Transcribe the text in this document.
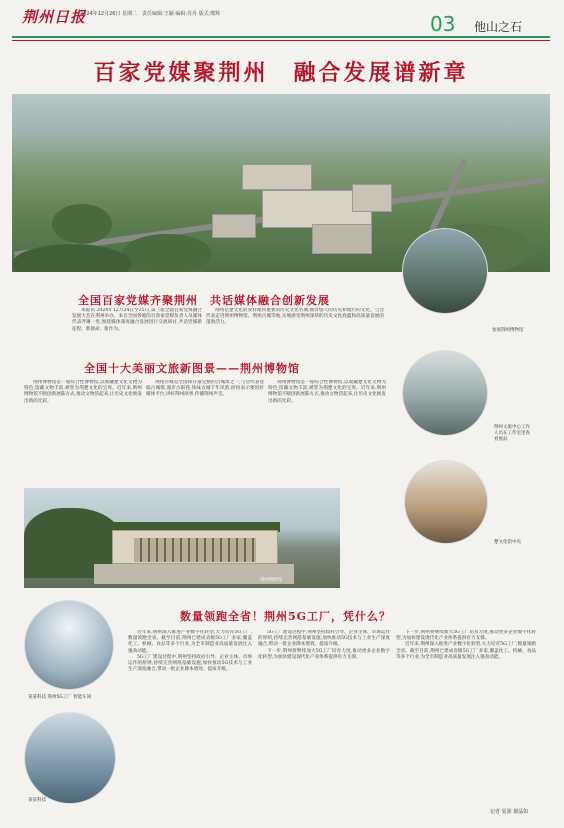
荆州日报
2024年12月26日 星期二　责任编辑:王颖 编辑:肖丹 版式:熊辉	03 他山之石
百家党媒聚荆州　融合发展谱新章
全国百家党媒齐聚荆州　共话媒体融合创新发展

本报讯 2024年12月24日至25日,第三届全国百家党媒融合发展大会在荆州举办。来自全国各地的百余家党媒负责人及媒体代表齐聚一堂,围绕媒体深度融合发展进行交流研讨,共话党媒新征程、新使命、新作为。

荆州是楚文化的发祥地和重要的历史文化名城,拥有悠久的历史和灿烂的文化。与会代表走进荆州博物馆、荆州古城等地,实地感受荆州深厚的历史文化底蕴和高质量发展的蓬勃活力。

参观荆州博物馆
全国十大美丽文旅新图景——荆州博物馆

荆州博物馆是一座综合性博物馆,以收藏楚文化文物为特色,馆藏文物丰富,被誉为荆楚文化的宝库。近年来,荆州博物馆不断创新展陈方式,推动文物活起来,让历史文化焕发出新的光彩。

荆州古城是全国保存最完整的古城垣之一,与会代表登临古城墙,漫步古街巷,体味古城千年风韵,纷纷表示要用好媒体平台,讲好荆州故事,传播荆州声音。

荆州博物馆是一座综合性博物馆,以收藏楚文化文物为特色,馆藏文物丰富,被誉为荆楚文化的宝库。近年来,荆州博物馆不断创新展陈方式,推动文物活起来,让历史文化焕发出新的光彩。

荆州文旅中心工作人员在工作室里查看展品
荆州博物馆
楚文化馆中央
数量领跑全省！荆州5G工厂，凭什么？
某某科技 荆州5G工厂 智能车间
某某科技

近年来,荆州深入推进产业数字化转型,大力培育5G工厂,数量领跑全省。截至目前,荆州已建成省级5G工厂多家,覆盖化工、机械、食品等多个行业,为全市制造业高质量发展注入强劲动能。

5G工厂建设过程中,荆州坚持政府引导、企业主体、市场运作的原则,持续完善网络基础设施,加快推动5G技术与工业生产深度融合,带动一批企业降本增效、提质升级。

5G工厂建设过程中,荆州坚持政府引导、企业主体、市场运作的原则,持续完善网络基础设施,加快推动5G技术与工业生产深度融合,带动一批企业降本增效、提质升级。

下一步,荆州将继续加大5G工厂培育力度,推动更多企业数字化转型,为加快建设现代化产业体系提供有力支撑。

下一步,荆州将继续加大5G工厂培育力度,推动更多企业数字化转型,为加快建设现代化产业体系提供有力支撑。

近年来,荆州深入推进产业数字化转型,大力培育5G工厂,数量领跑全省。截至目前,荆州已建成省级5G工厂多家,覆盖化工、机械、食品等多个行业,为全市制造业高质量发展注入强劲动能。

记者 夏源 谢晶如
